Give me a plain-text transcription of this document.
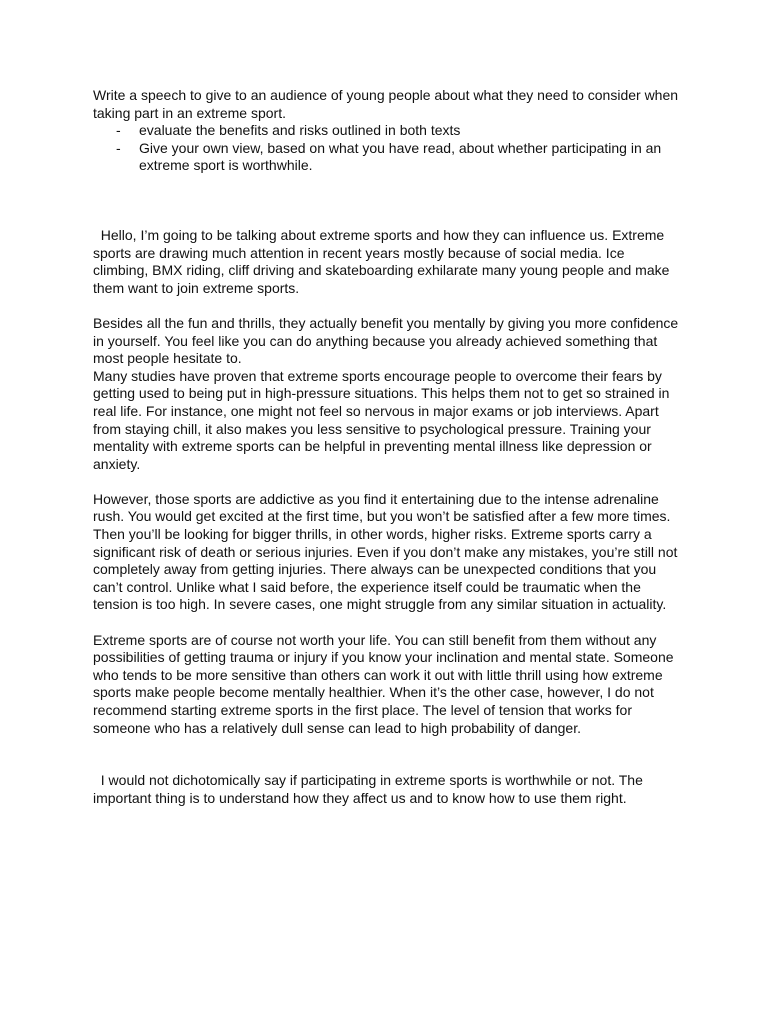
Write a speech to give to an audience of young people about what they need to consider when taking part in an extreme sport.

- evaluate the benefits and risks outlined in both texts
- Give your own view, based on what you have read, about whether participating in an extreme sport is worthwhile.

Hello, I’m going to be talking about extreme sports and how they can influence us. Extreme sports are drawing much attention in recent years mostly because of social media. Ice climbing, BMX riding, cliff driving and skateboarding exhilarate many young people and make them want to join extreme sports.

Besides all the fun and thrills, they actually benefit you mentally by giving you more confidence in yourself. You feel like you can do anything because you already achieved something that most people hesitate to.

Many studies have proven that extreme sports encourage people to overcome their fears by getting used to being put in high-pressure situations. This helps them not to get so strained in real life. For instance, one might not feel so nervous in major exams or job interviews. Apart from staying chill, it also makes you less sensitive to psychological pressure. Training your mentality with extreme sports can be helpful in preventing mental illness like depression or anxiety.

However, those sports are addictive as you find it entertaining due to the intense adrenaline rush. You would get excited at the first time, but you won’t be satisfied after a few more times. Then you’ll be looking for bigger thrills, in other words, higher risks. Extreme sports carry a significant risk of death or serious injuries. Even if you don’t make any mistakes, you’re still not completely away from getting injuries. There always can be unexpected conditions that you can’t control. Unlike what I said before, the experience itself could be traumatic when the tension is too high. In severe cases, one might struggle from any similar situation in actuality.

Extreme sports are of course not worth your life. You can still benefit from them without any possibilities of getting trauma or injury if you know your inclination and mental state. Someone who tends to be more sensitive than others can work it out with little thrill using how extreme sports make people become mentally healthier. When it’s the other case, however, I do not recommend starting extreme sports in the first place. The level of tension that works for someone who has a relatively dull sense can lead to high probability of danger.

I would not dichotomically say if participating in extreme sports is worthwhile or not. The important thing is to understand how they affect us and to know how to use them right.
